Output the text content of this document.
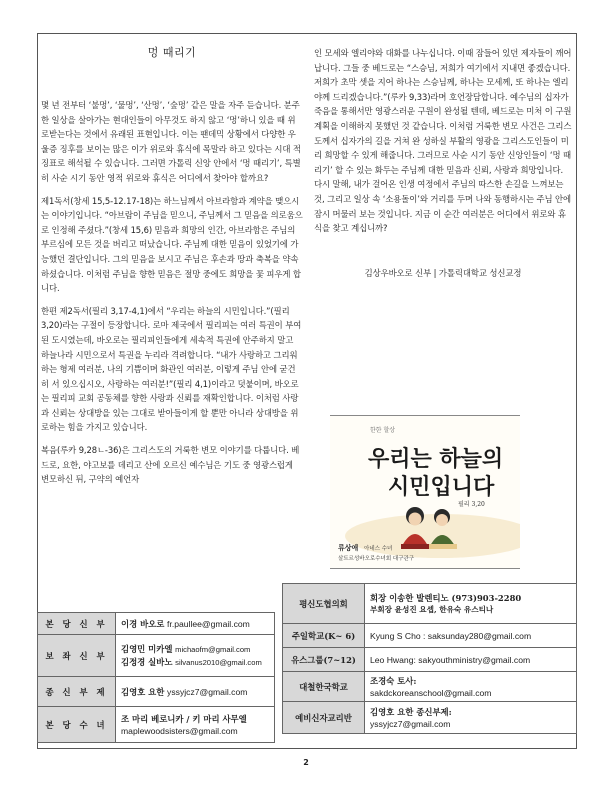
멍 때리기

몇 년 전부터 ‘불멍’, ‘물멍’, ‘산멍’, ‘숲멍’ 같은 말을 자주 듣습니다. 분주한 일상을 살아가는 현대인들이 아무것도 하지 않고 ‘멍’하니 있을 때 위로받는다는 것에서 유래된 표현입니다. 이는 팬데믹 상황에서 다양한 우울증 징후를 보이는 많은 이가 위로와 휴식에 목말라 하고 있다는 시대 적 징표로 해석될 수 있습니다. 그러면 가톨릭 신앙 안에서 ‘멍 때리기’, 특별히 사순 시기 동안 영적 위로와 휴식은 어디에서 찾아야 할까요?

제1독서(창세 15,5-12.17-18)는 하느님께서 아브라함과 계약을 맺으시는 이야기입니다. “아브람이 주님을 믿으니, 주님께서 그 믿음을 의로움으로 인정해 주셨다.”(창세 15,6) 믿음과 희망의 인간, 아브라함은 주님의 부르심에 모든 것을 버리고 떠났습니다. 주님께 대한 믿음이 있었기에 가능했던 결단입니다. 그의 믿음을 보시고 주님은 후손과 땅과 축복을 약속하셨습니다. 이처럼 주님을 향한 믿음은 절망 중에도 희망을 꽃 피우게 합니다.

한편 제2독서(필리 3,17-4,1)에서 “우리는 하늘의 시민입니다.”(필리 3,20)라는 구절이 등장합니다. 로마 제국에서 필리피는 여러 특권이 부여된 도시였는데, 바오로는 필리피인들에게 세속적 특권에 안주하지 말고 하늘나라 시민으로서 특권을 누리라 격려합니다. “내가 사랑하고 그리워하는 형제 여러분, 나의 기쁨이며 화관인 여러분, 이렇게 주님 안에 굳건히 서 있으십시오, 사랑하는 여러분!”(필리 4,1)이라고 덧붙이며, 바오로는 필리피 교회 공동체를 향한 사랑과 신뢰를 재확인합니다. 이처럼 사랑과 신뢰는 상대방을 있는 그대로 받아들이게 할 뿐만 아니라 상대방을 위로하는 힘을 가지고 있습니다.

복음(루카 9,28ㄴ-36)은 그리스도의 거룩한 변모 이야기를 다룹니다. 베드로, 요한, 야고보를 데리고 산에 오르신 예수님은 기도 중 영광스럽게 변모하신 뒤, 구약의 예언자

인 모세와 엘리야와 대화를 나누십니다. 이때 잠들어 있던 제자들이 깨어납니다. 그들 중 베드로는 “스승님, 저희가 여기에서 지내면 좋겠습니다. 저희가 초막 셋을 지어 하나는 스승님께, 하나는 모세께, 또 하나는 엘리야께 드리겠습니다.”(루카 9,33)라며 호언장담합니다. 예수님의 십자가 죽음을 통해서만 영광스러운 구원이 완성될 텐데, 베드로는 미처 이 구원 계획을 이해하지 못했던 것 같습니다. 이처럼 거룩한 변모 사건은 그리스도께서 십자가의 길을 거쳐 완 성하실 부활의 영광을 그리스도인들이 미리 희망할 수 있게 해줍니다. 그러므로 사순 시기 동안 신앙인들이 ‘멍 때리기’ 할 수 있는 화두는 주님께 대한 믿음과 신뢰, 사랑과 희망입니다. 다시 말해, 내가 걸어온 인생 여정에서 주님의 따스한 손길을 느껴보는 것, 그리고 일상 속 ‘소용돌이’와 거리를 두며 나와 동행하시는 주님 안에 잠시 머물러 보는 것입니다. 지금 이 순간 여러분은 어디에서 위로와 휴식을 찾고 계십니까?

김상우바오로 신부 | 가톨릭대학교 성신교정

한한 할상
우리는 하늘의
시민입니다
필리 3,20
류상애 아네스 수녀
살트르성바오로수녀회 대구관구
본 당 신 부	이경 바오로 fr.paullee@gmail.com
보 좌 신 부	김영민 미카엘 michaofm@gmail.com
김정경 실바노 silvanus2010@gmail.com

종 신 부 제	김영호 요한 yssyjcz7@gmail.com
본 당 수 녀	조 마리 베로니카 / 키 마리 사무엘
maplewoodsisters@gmail.com
평신도협의회	회장 이송한 발렌티노 (973)903-2280
부회장 윤성진 요셉, 한유숙 유스티나

주일학교(K~ 6)	Kyung S Cho : saksunday280@gmail.com

유스그룹(7~12)	Leo Hwang: sakyouthministry@gmail.com

대철한국학교	조경숙 토사:
sakdckoreanschool@gmail.com

예비신자교리반	김영호 요한 종신부제:
yssyjcz7@gmail.com
2
